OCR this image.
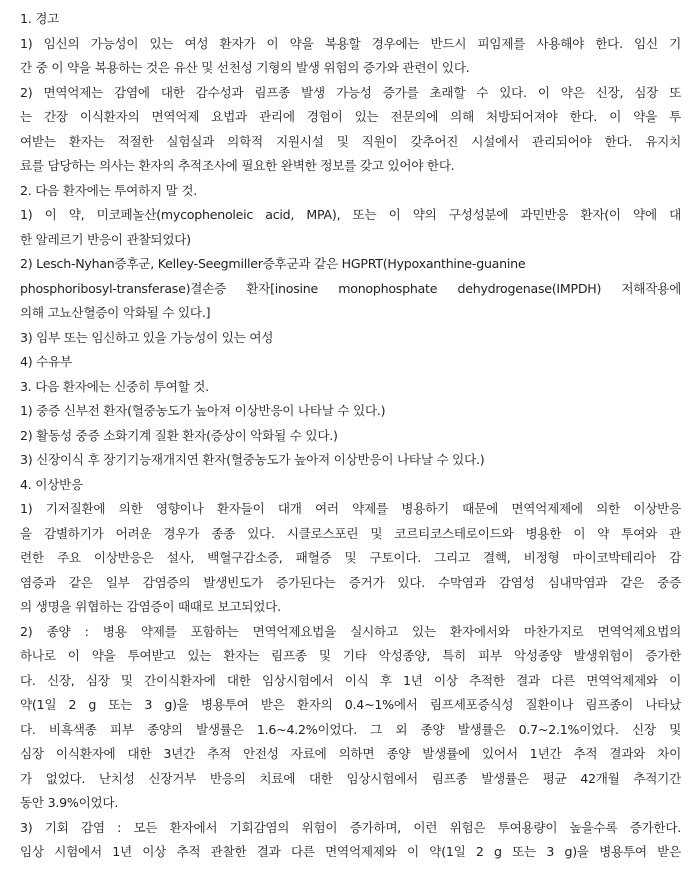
1. 경고
1) 임신의 가능성이 있는 여성 환자가 이 약을 복용할 경우에는 반드시 피임제를 사용해야 한다. 임신 기
간 중 이 약을 복용하는 것은 유산 및 선천성 기형의 발생 위험의 증가와 관련이 있다.
2) 면역억제는 감염에 대한 감수성과 림프종 발생 가능성 증가를 초래할 수 있다. 이 약은 신장, 심장 또
는 간장 이식환자의 면역억제 요법과 관리에 경험이 있는 전문의에 의해 처방되어져야 한다. 이 약을 투
여받는 환자는 적절한 실험실과 의학적 지원시설 및 직원이 갖추어진 시설에서 관리되어야 한다. 유지치
료를 담당하는 의사는 환자의 추적조사에 필요한 완벽한 정보를 갖고 있어야 한다.
2. 다음 환자에는 투여하지 말 것.
1) 이 약, 미코페놀산(mycophenoleic acid, MPA), 또는 이 약의 구성성분에 과민반응 환자(이 약에 대
한 알레르기 반응이 관찰되었다)
2) Lesch-Nyhan증후군, Kelley-Seegmiller증후군과 같은 HGPRT(Hypoxanthine-guanine
phosphoribosyl-transferase)결손증 환자[inosine monophosphate dehydrogenase(IMPDH) 저해작용에
의해 고뇨산혈증이 악화될 수 있다.]
3) 임부 또는 임신하고 있을 가능성이 있는 여성
4) 수유부
3. 다음 환자에는 신중히 투여할 것.
1) 중증 신부전 환자(혈중농도가 높아져 이상반응이 나타날 수 있다.)
2) 활동성 중증 소화기계 질환 환자(증상이 악화될 수 있다.)
3) 신장이식 후 장기기능재개지연 환자(혈중농도가 높아져 이상반응이 나타날 수 있다.)
4. 이상반응
1) 기저질환에 의한 영향이나 환자들이 대개 여러 약제를 병용하기 때문에 면역억제제에 의한 이상반응
을 감별하기가 어려운 경우가 종종 있다. 시클로스포린 및 코르티코스테로이드와 병용한 이 약 투여와 관
련한 주요 이상반응은 설사, 백혈구감소증, 패혈증 및 구토이다. 그리고 결핵, 비정형 마이코박테리아 감
염증과 같은 일부 감염증의 발생빈도가 증가된다는 증거가 있다. 수막염과 감염성 심내막염과 같은 중증
의 생명을 위협하는 감염증이 때때로 보고되었다.
2) 종양 : 병용 약제를 포함하는 면역억제요법을 실시하고 있는 환자에서와 마찬가지로 면역억제요법의
하나로 이 약을 투여받고 있는 환자는 림프종 및 기타 악성종양, 특히 피부 악성종양 발생위험이 증가한
다. 신장, 심장 및 간이식환자에 대한 임상시험에서 이식 후 1년 이상 추적한 결과 다른 면역억제제와 이
약(1일 2 g 또는 3 g)을 병용투여 받은 환자의 0.4~1%에서 림프세포증식성 질환이나 림프종이 나타났
다. 비흑색종 피부 종양의 발생률은 1.6~4.2%이었다. 그 외 종양 발생률은 0.7~2.1%이었다. 신장 및
심장 이식환자에 대한 3년간 추적 안전성 자료에 의하면 종양 발생률에 있어서 1년간 추적 결과와 차이
가 없었다. 난치성 신장거부 반응의 치료에 대한 임상시험에서 림프종 발생률은 평균 42개월 추적기간
동안 3.9%이었다.
3) 기회 감염 : 모든 환자에서 기회감염의 위험이 증가하며, 이런 위험은 투여용량이 높을수록 증가한다.
임상 시험에서 1년 이상 추적 관찰한 결과 다른 면역억제제와 이 약(1일 2 g 또는 3 g)을 병용투여 받은
